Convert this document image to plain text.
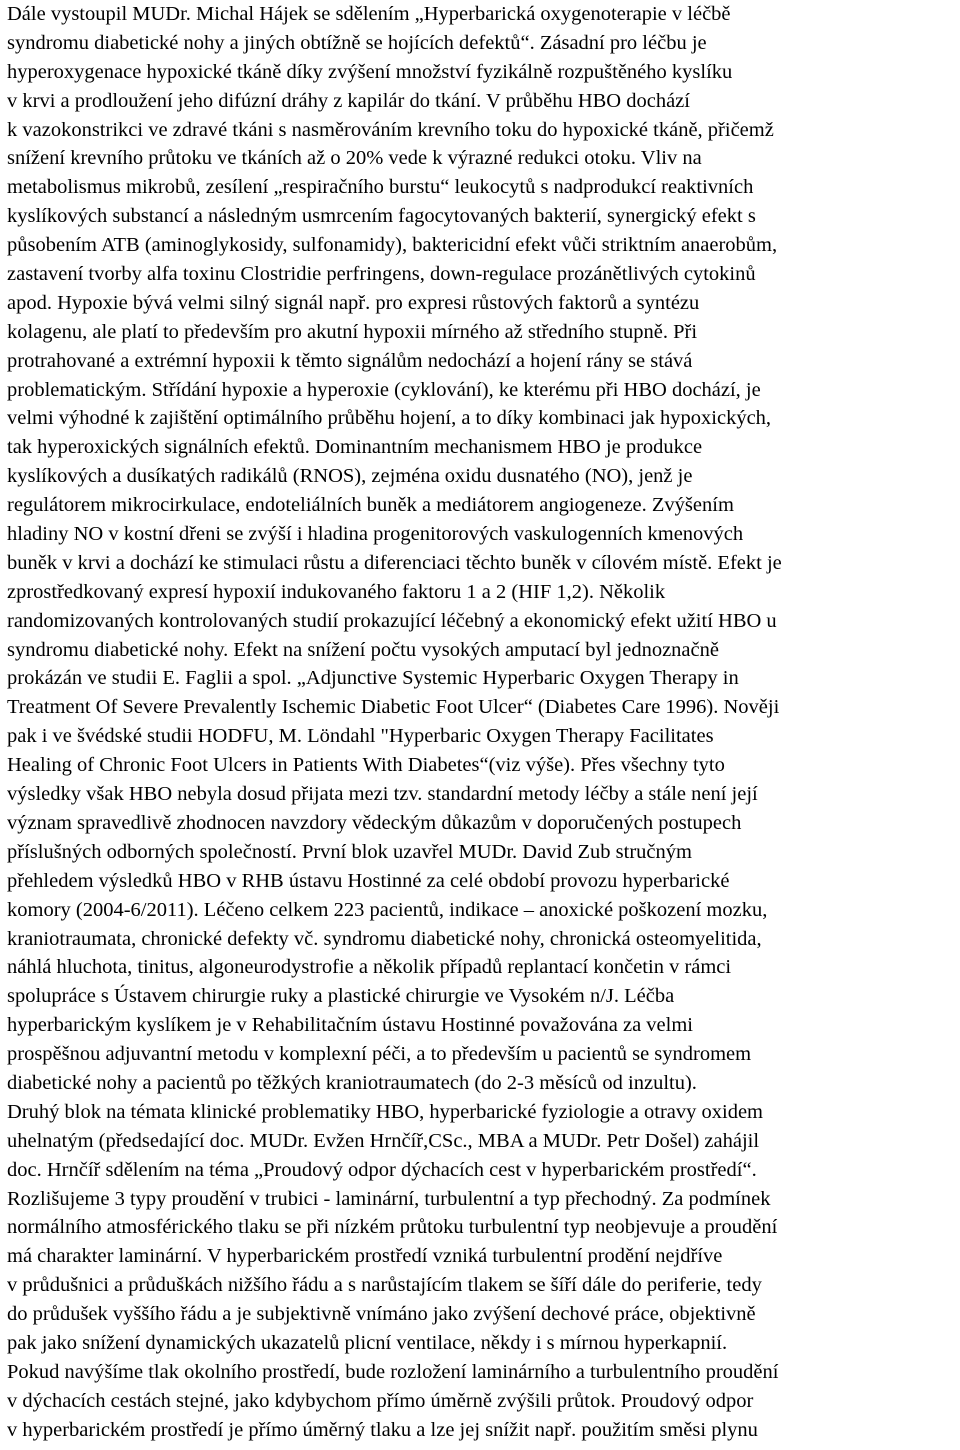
Dále vystoupil MUDr. Michal Hájek se sdělením „Hyperbarická oxygenoterapie v léčbě
syndromu diabetické nohy a jiných obtížně se hojících defektů“. Zásadní pro léčbu je
hyperoxygenace hypoxické tkáně díky zvýšení množství fyzikálně rozpuštěného kyslíku
v krvi a prodloužení jeho difúzní dráhy z kapilár do tkání. V průběhu HBO dochází
k vazokonstrikci ve zdravé tkáni s nasměrováním krevního toku do hypoxické tkáně, přičemž
snížení krevního průtoku ve tkáních až o 20% vede k výrazné redukci otoku. Vliv na
metabolismus mikrobů, zesílení „respiračního burstu“ leukocytů s nadprodukcí reaktivních
kyslíkových substancí a následným usmrcením fagocytovaných bakterií, synergický efekt s
působením ATB (aminoglykosidy, sulfonamidy), baktericidní efekt vůči striktním anaerobům,
zastavení tvorby alfa toxinu Clostridie perfringens, down-regulace prozánětlivých cytokinů
apod. Hypoxie bývá velmi silný signál např. pro expresi růstových faktorů a syntézu
kolagenu, ale platí to především pro akutní hypoxii mírného až středního stupně. Při
protrahované a extrémní hypoxii k těmto signálům nedochází a hojení rány se stává
problematickým. Střídání hypoxie a hyperoxie (cyklování), ke kterému při HBO dochází, je
velmi výhodné k zajištění optimálního průběhu hojení, a to díky kombinaci jak hypoxických,
tak hyperoxických signálních efektů. Dominantním mechanismem HBO je produkce
kyslíkových a dusíkatých radikálů (RNOS), zejména oxidu dusnatého (NO), jenž je
regulátorem mikrocirkulace, endoteliálních buněk a mediátorem angiogeneze. Zvýšením
hladiny NO v kostní dřeni se zvýší i hladina progenitorových vaskulogenních kmenových
buněk v krvi a dochází ke stimulaci růstu a diferenciaci těchto buněk v cílovém místě. Efekt je
zprostředkovaný expresí hypoxií indukovaného faktoru 1 a 2 (HIF 1,2). Několik
randomizovaných kontrolovaných studií prokazující léčebný a ekonomický efekt užití HBO u
syndromu diabetické nohy. Efekt na snížení počtu vysokých amputací byl jednoznačně
prokázán ve studii E. Faglii a spol. „Adjunctive Systemic Hyperbaric Oxygen Therapy in
Treatment Of Severe Prevalently Ischemic Diabetic Foot Ulcer“ (Diabetes Care 1996). Nověji
pak i ve švédské studii HODFU, M. Löndahl "Hyperbaric Oxygen Therapy Facilitates
Healing of Chronic Foot Ulcers in Patients With Diabetes“(viz výše). Přes všechny tyto
výsledky však HBO nebyla dosud přijata mezi tzv. standardní metody léčby a stále není její
význam spravedlivě zhodnocen navzdory vědeckým důkazům v doporučených postupech
příslušných odborných společností. První blok uzavřel MUDr. David Zub stručným
přehledem výsledků HBO v RHB ústavu Hostinné za celé období provozu hyperbarické
komory (2004-6/2011). Léčeno celkem 223 pacientů, indikace – anoxické poškození mozku,
kraniotraumata, chronické defekty vč. syndromu diabetické nohy, chronická osteomyelitida,
náhlá hluchota, tinitus, algoneurodystrofie a několik případů replantací končetin v rámci
spolupráce s Ústavem chirurgie ruky a plastické chirurgie ve Vysokém n/J. Léčba
hyperbarickým kyslíkem je v Rehabilitačním ústavu Hostinné považována za velmi
prospěšnou adjuvantní metodu v komplexní péči, a to především u pacientů se syndromem
diabetické nohy a pacientů po těžkých kraniotraumatech (do 2-3 měsíců od inzultu).
Druhý blok na témata klinické problematiky HBO, hyperbarické fyziologie a otravy oxidem
uhelnatým (předsedající doc. MUDr. Evžen Hrnčíř,CSc., MBA a MUDr. Petr Došel) zahájil
doc. Hrnčíř sdělením na téma „Proudový odpor dýchacích cest v hyperbarickém prostředí“.
Rozlišujeme 3 typy proudění v trubici - laminární, turbulentní a typ přechodný. Za podmínek
normálního atmosférického tlaku se při nízkém průtoku turbulentní typ neobjevuje a proudění
má charakter laminární. V hyperbarickém prostředí vzniká turbulentní prodění nejdříve
v průdušnici a průduškách nižšího řádu a s narůstajícím tlakem se šíří dále do periferie, tedy
do průdušek vyššího řádu a je subjektivně vnímáno jako zvýšení dechové práce, objektivně
pak jako snížení dynamických ukazatelů plicní ventilace, někdy i s mírnou hyperkapnií.
Pokud navýšíme tlak okolního prostředí, bude rozložení laminárního a turbulentního proudění
v dýchacích cestách stejné, jako kdybychom přímo úměrně zvýšili průtok. Proudový odpor
v hyperbarickém prostředí je přímo úměrný tlaku a lze jej snížit např. použitím směsi plynu
